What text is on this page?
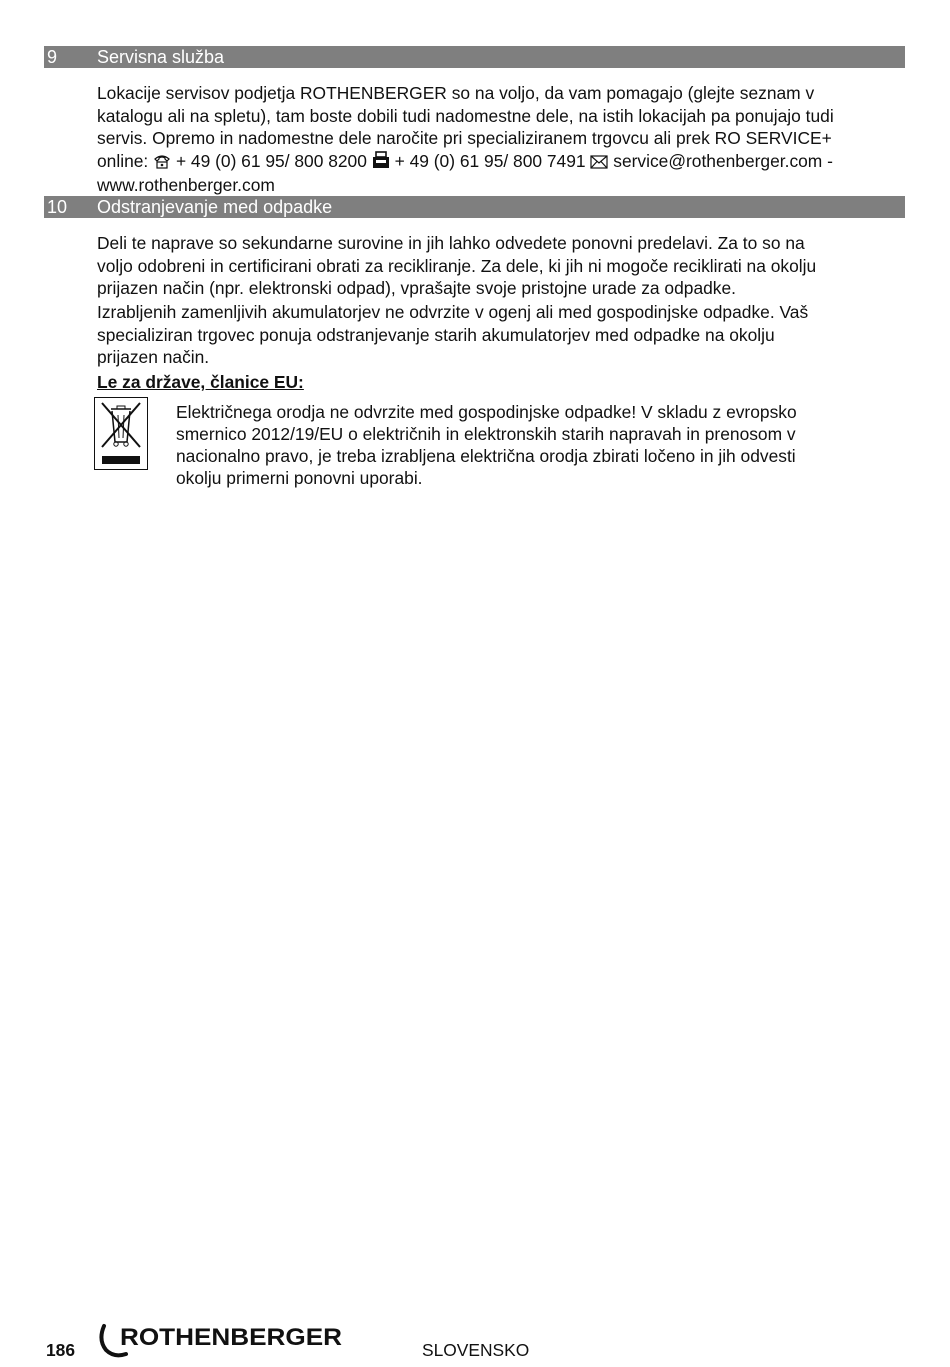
9 Servisna služba
Lokacije servisov podjetja ROTHENBERGER so na voljo, da vam pomagajo (glejte seznam v
katalogu ali na spletu), tam boste dobili tudi nadomestne dele, na istih lokacijah pa ponujajo tudi
servis. Opremo in nadomestne dele naročite pri specializiranem trgovcu ali prek RO SERVICE+
online: + 49 (0) 61 95/ 800 8200 + 49 (0) 61 95/ 800 7491 service@rothenberger.com -
www.rothenberger.com
10 Odstranjevanje med odpadke
Deli te naprave so sekundarne surovine in jih lahko odvedete ponovni predelavi. Za to so na
voljo odobreni in certificirani obrati za recikliranje. Za dele, ki jih ni mogoče reciklirati na okolju
prijazen način (npr. elektronski odpad), vprašajte svoje pristojne urade za odpadke.
Izrabljenih zamenljivih akumulatorjev ne odvrzite v ogenj ali med gospodinjske odpadke. Vaš
specializiran trgovec ponuja odstranjevanje starih akumulatorjev med odpadke na okolju
prijazen način.
Le za države, članice EU:
Električnega orodja ne odvrzite med gospodinjske odpadke! V skladu z evropsko
smernico 2012/19/EU o električnih in elektronskih starih napravah in prenosom v
nacionalno pravo, je treba izrabljena električna orodja zbirati ločeno in jih odvesti
okolju primerni ponovni uporabi.
186 ROTHENBERGER	SLOVENSKO
